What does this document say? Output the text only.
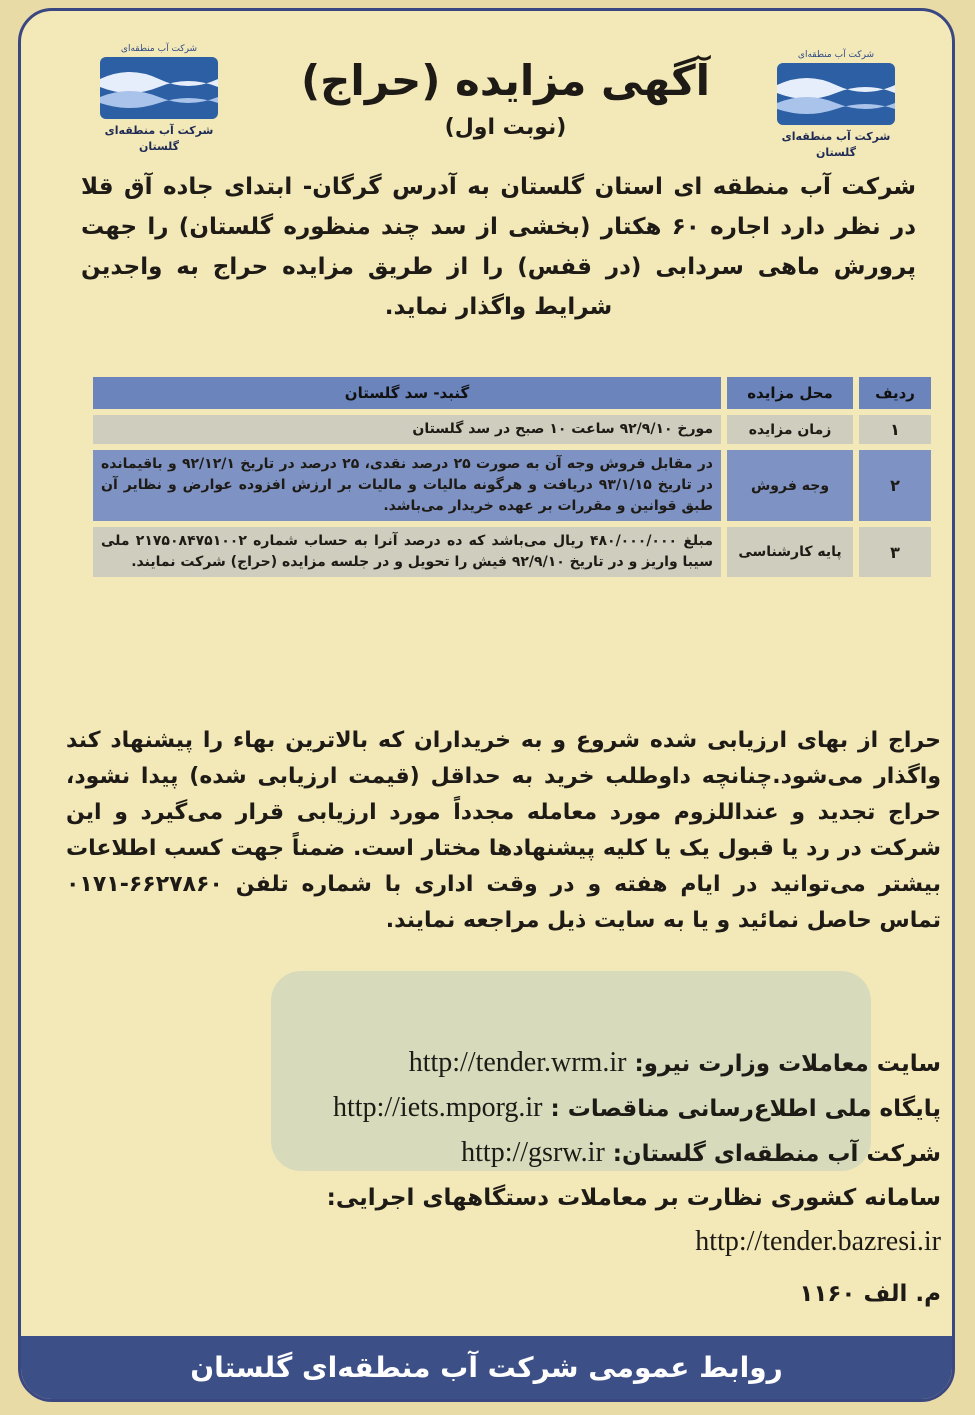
شرکت آب منطقه‌ای
شرکت آب منطقه‌ای گلستان
شرکت آب منطقه‌ای
شرکت آب منطقه‌ای گلستان
آگهی مزایده (حراج)
(نوبت اول)
شرکت آب منطقه ای استان گلستان به آدرس گرگان- ابتدای جاده آق قلا در نظر دارد اجاره ۶۰ هکتار (بخشی از سد چند منظوره گلستان) را جهت پرورش ماهی سردابی (در قفس) را از طریق مزایده حراج به واجدین شرایط واگذار نماید.
ردیف	محل مزایده	گنبد- سد گلستان
۱	زمان مزایده	مورخ ۹۲/۹/۱۰ ساعت ۱۰ صبح در سد گلستان
۲	وجه فروش	در مقابل فروش وجه آن به صورت ۲۵ درصد نقدی، ۲۵ درصد در تاریخ ۹۲/۱۲/۱ و باقیمانده در تاریخ ۹۳/۱/۱۵ دریافت و هرگونه مالیات و مالیات بر ارزش افزوده عوارض و نظایر آن طبق قوانین و مقررات بر عهده خریدار می‌باشد.
۳	پایه کارشناسی	مبلغ ۴۸۰/۰۰۰/۰۰۰ ریال می‌باشد که ده درصد آنرا به حساب شماره ۲۱۷۵۰۸۴۷۵۱۰۰۲ ملی سیبا واریز و در تاریخ ۹۲/۹/۱۰ فیش را تحویل و در جلسه مزایده (حراج) شرکت نمایند.
حراج از بهای ارزیابی شده شروع و به خریداران که بالاترین بهاء را پیشنهاد کند واگذار می‌شود.چنانچه داوطلب خرید به حداقل (قیمت ارزیابی شده) پیدا نشود، حراج تجدید و عنداللزوم مورد معامله مجدداً مورد ارزیابی قرار می‌گیرد و این شرکت در رد یا قبول یک یا کلیه پیشنهادها مختار است. ضمناً جهت کسب اطلاعات بیشتر می‌توانید در ایام هفته و در وقت اداری با شماره تلفن ۶۶۲۷۸۶۰-۰۱۷۱ تماس حاصل نمائید و یا به سایت ذیل مراجعه نمایند.
سایت معاملات وزارت نیرو: http://tender.wrm.ir
پایگاه ملی اطلاع‌رسانی مناقصات : http://iets.mporg.ir
شرکت آب منطقه‌ای گلستان: http://gsrw.ir
سامانه کشوری نظارت بر معاملات دستگاههای اجرایی:
http://tender.bazresi.ir
م. الف ۱۱۶۰
روابط عمومی شرکت آب منطقه‌ای گلستان
